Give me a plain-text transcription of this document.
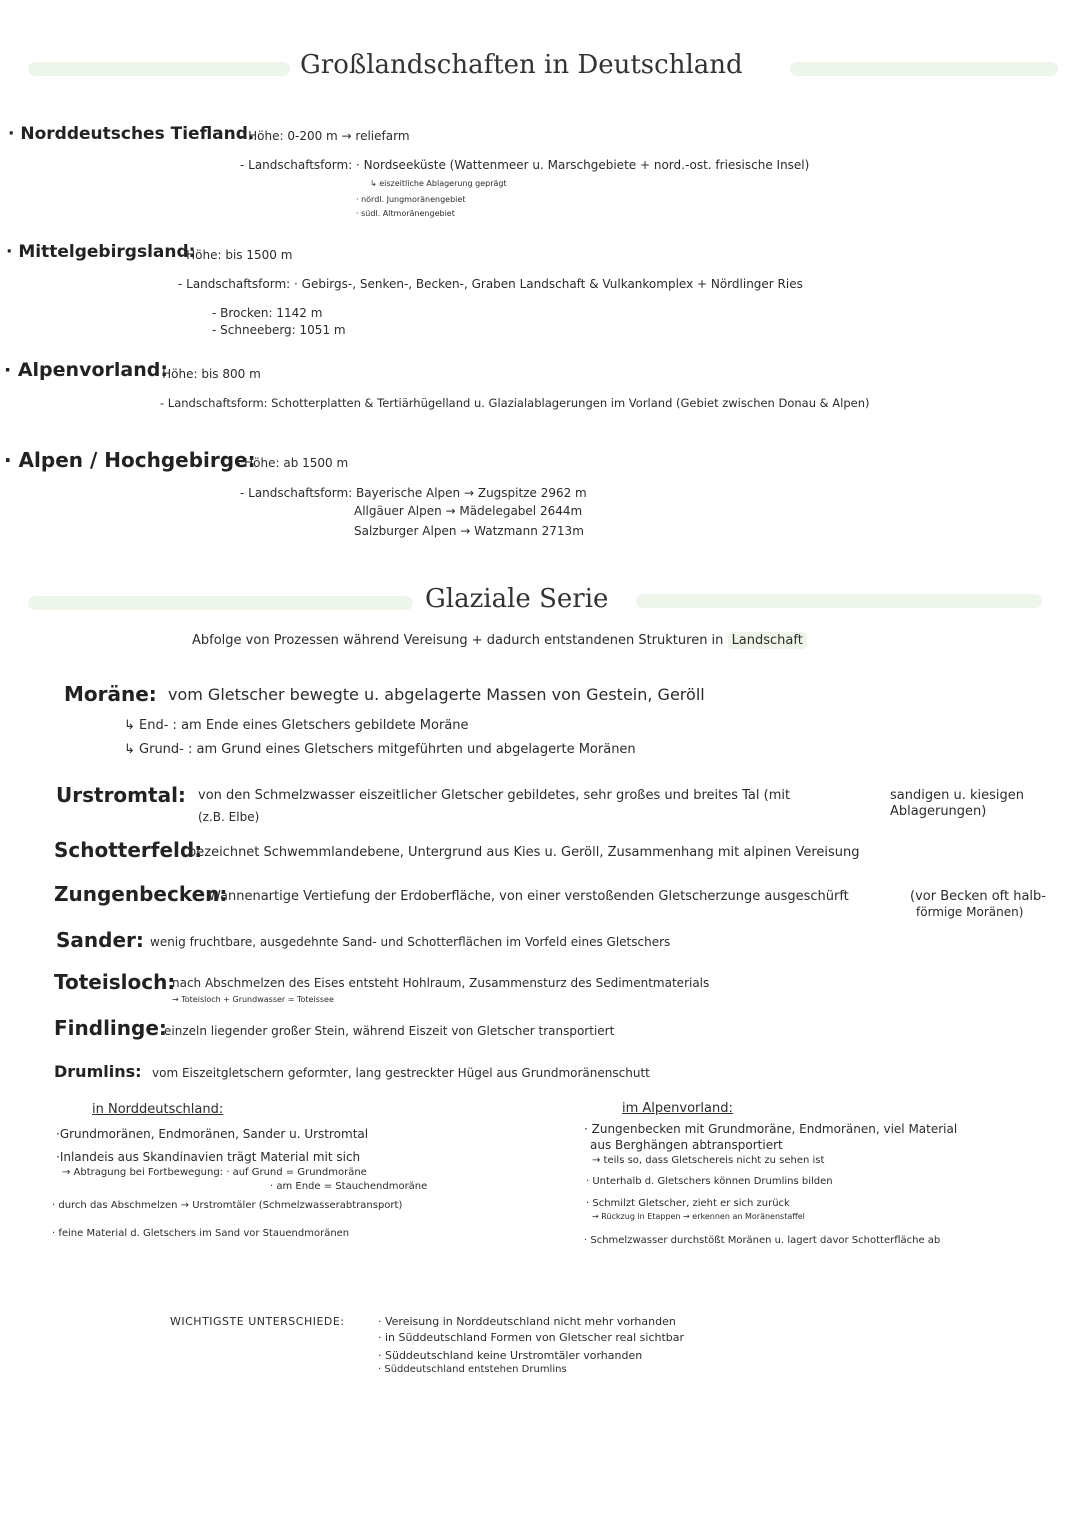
Großlandschaften in Deutschland
· Norddeutsches Tiefland.
- Höhe: 0-200 m → reliefarm
- Landschaftsform: · Nordseeküste (Wattenmeer u. Marschgebiete + nord.-ost. friesische Insel)
↳ eiszeitliche Ablagerung geprägt
· nördl. Jungmoränengebiet
· südl. Altmoränengebiet
· Mittelgebirgsland:
- Höhe: bis 1500 m
- Landschaftsform: · Gebirgs-, Senken-, Becken-, Graben Landschaft & Vulkankomplex + Nördlinger Ries
- Brocken: 1142 m
- Schneeberg: 1051 m
· Alpenvorland:
- Höhe: bis 800 m
- Landschaftsform: Schotterplatten & Tertiärhügelland u. Glazialablagerungen im Vorland (Gebiet zwischen Donau & Alpen)
· Alpen / Hochgebirge:
- Höhe: ab 1500 m
- Landschaftsform: Bayerische Alpen → Zugspitze 2962 m
Allgäuer Alpen → Mädelegabel 2644m
Salzburger Alpen → Watzmann 2713m
Glaziale Serie
Abfolge von Prozessen während Vereisung + dadurch entstandenen Strukturen in Landschaft
Moräne: vom Gletscher bewegte u. abgelagerte Massen von Gestein, Geröll
↳ End- : am Ende eines Gletschers gebildete Moräne
↳ Grund- : am Grund eines Gletschers mitgeführten und abgelagerte Moränen
Urstromtal: von den Schmelzwasser eiszeitlicher Gletscher gebildetes, sehr großes und breites Tal (mit	sandigen u. kiesigen
Ablagerungen)
(z.B. Elbe)
Schotterfeld:
bezeichnet Schwemmlandebene, Untergrund aus Kies u. Geröll, Zusammenhang mit alpinen Vereisung
Zungenbecken:
Wannenartige Vertiefung der Erdoberfläche, von einer verstoßenden Gletscherzunge ausgeschürft	(vor Becken oft halb-
förmige Moränen)
Sander: wenig fruchtbare, ausgedehnte Sand- und Schotterflächen im Vorfeld eines Gletschers
Toteisloch:
nach Abschmelzen des Eises entsteht Hohlraum, Zusammensturz des Sedimentmaterials
→ Toteisloch + Grundwasser = Toteissee
Findlinge:
einzeln liegender großer Stein, während Eiszeit von Gletscher transportiert
Drumlins: vom Eiszeitgletschern geformter, lang gestreckter Hügel aus Grundmoränenschutt
in Norddeutschland:
·Grundmoränen, Endmoränen, Sander u. Urstromtal
·Inlandeis aus Skandinavien trägt Material mit sich
→ Abtragung bei Fortbewegung: · auf Grund = Grundmoräne
· am Ende = Stauchendmoräne
· durch das Abschmelzen → Urstromtäler (Schmelzwasserabtransport)
· feine Material d. Gletschers im Sand vor Stauendmoränen
im Alpenvorland:
· Zungenbecken mit Grundmoräne, Endmoränen, viel Material
aus Berghängen abtransportiert
→ teils so, dass Gletschereis nicht zu sehen ist
· Unterhalb d. Gletschers können Drumlins bilden
· Schmilzt Gletscher, zieht er sich zurück
→ Rückzug in Etappen → erkennen an Moränenstaffel
· Schmelzwasser durchstößt Moränen u. lagert davor Schotterfläche ab
WICHTIGSTE UNTERSCHIEDE:	· Vereisung in Norddeutschland nicht mehr vorhanden
· in Süddeutschland Formen von Gletscher real sichtbar
· Süddeutschland keine Urstromtäler vorhanden
· Süddeutschland entstehen Drumlins
